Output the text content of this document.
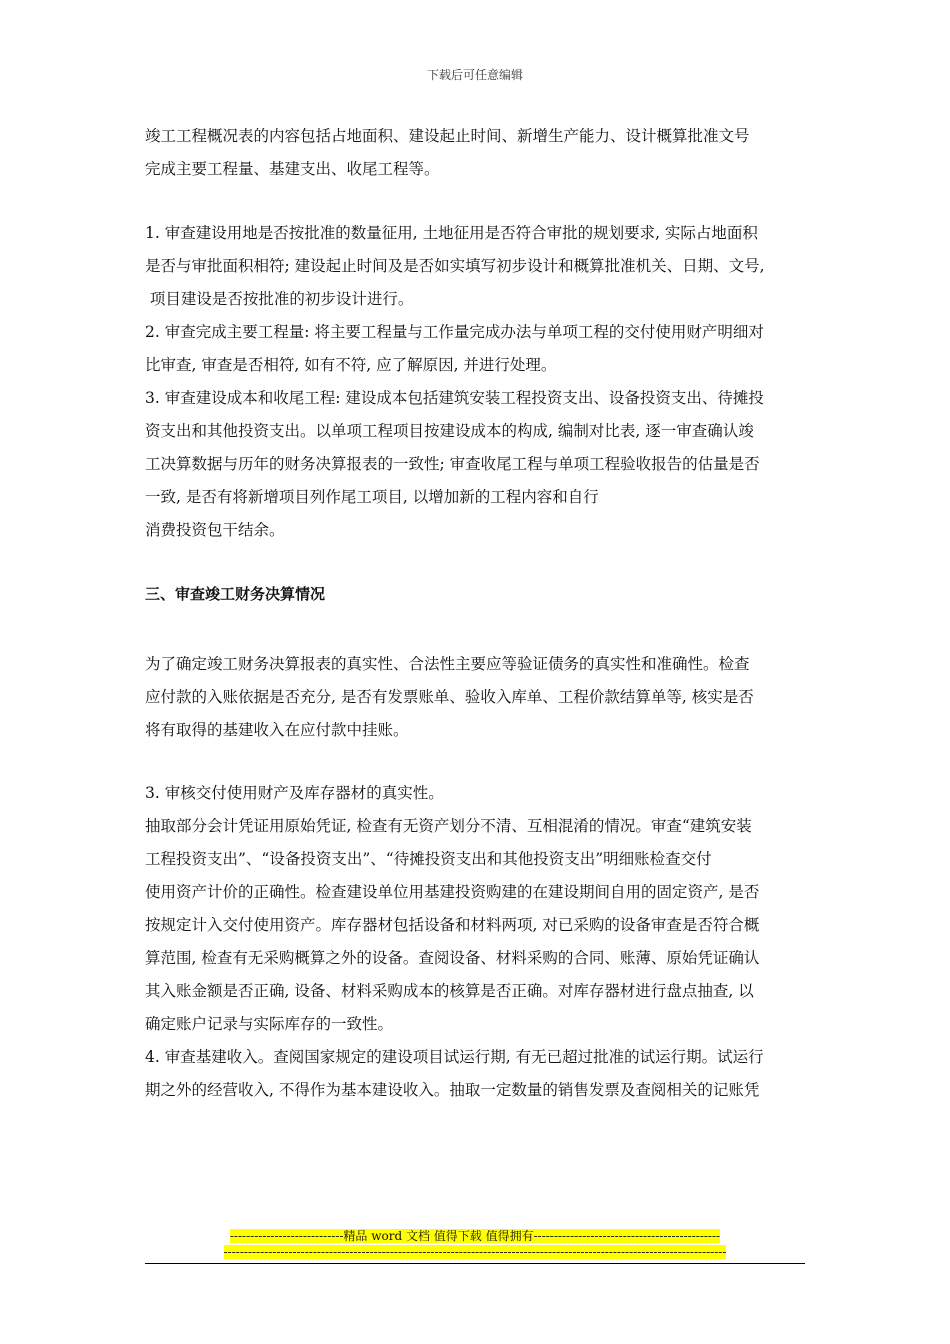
下载后可任意编辑
竣工工程概况表的内容包括占地面积、建设起止时间、新增生产能力、设计概算批准文号
完成主要工程量、基建支出、收尾工程等。
1. 审查建设用地是否按批准的数量征用, 土地征用是否符合审批的规划要求, 实际占地面积
是否与审批面积相符; 建设起止时间及是否如实填写初步设计和概算批准机关、日期、文号,
项目建设是否按批准的初步设计进行。
2. 审查完成主要工程量: 将主要工程量与工作量完成办法与单项工程的交付使用财产明细对
比审查, 审查是否相符, 如有不符, 应了解原因, 并进行处理。
3. 审查建设成本和收尾工程: 建设成本包括建筑安装工程投资支出、设备投资支出、待摊投
资支出和其他投资支出。以单项工程项目按建设成本的构成, 编制对比表, 逐一审查确认竣
工决算数据与历年的财务决算报表的一致性; 审查收尾工程与单项工程验收报告的估量是否
一致, 是否有将新增项目列作尾工项目, 以增加新的工程内容和自行
消费投资包干结余。
三、审查竣工财务决算情况
为了确定竣工财务决算报表的真实性、合法性主要应等验证债务的真实性和准确性。检查
应付款的入账依据是否充分, 是否有发票账单、验收入库单、工程价款结算单等, 核实是否
将有取得的基建收入在应付款中挂账。
3. 审核交付使用财产及库存器材的真实性。
抽取部分会计凭证用原始凭证, 检查有无资产划分不清、互相混淆的情况。审查“建筑安装
工程投资支出”、“设备投资支出”、“待摊投资支出和其他投资支出”明细账检查交付
使用资产计价的正确性。检查建设单位用基建投资购建的在建设期间自用的固定资产, 是否
按规定计入交付使用资产。库存器材包括设备和材料两项, 对已采购的设备审查是否符合概
算范围, 检查有无采购概算之外的设备。查阅设备、材料采购的合同、账薄、原始凭证确认
其入账金额是否正确, 设备、材料采购成本的核算是否正确。对库存器材进行盘点抽查, 以
确定账户记录与实际库存的一致性。
4. 审查基建收入。查阅国家规定的建设项目试运行期, 有无已超过批准的试运行期。试运行
期之外的经营收入, 不得作为基本建设收入。抽取一定数量的销售发票及查阅相关的记账凭
----------------------------精品 word 文档 值得下载 值得拥有----------------------------------------------
----------------------------------------------------------------------------------------------------------------------------
